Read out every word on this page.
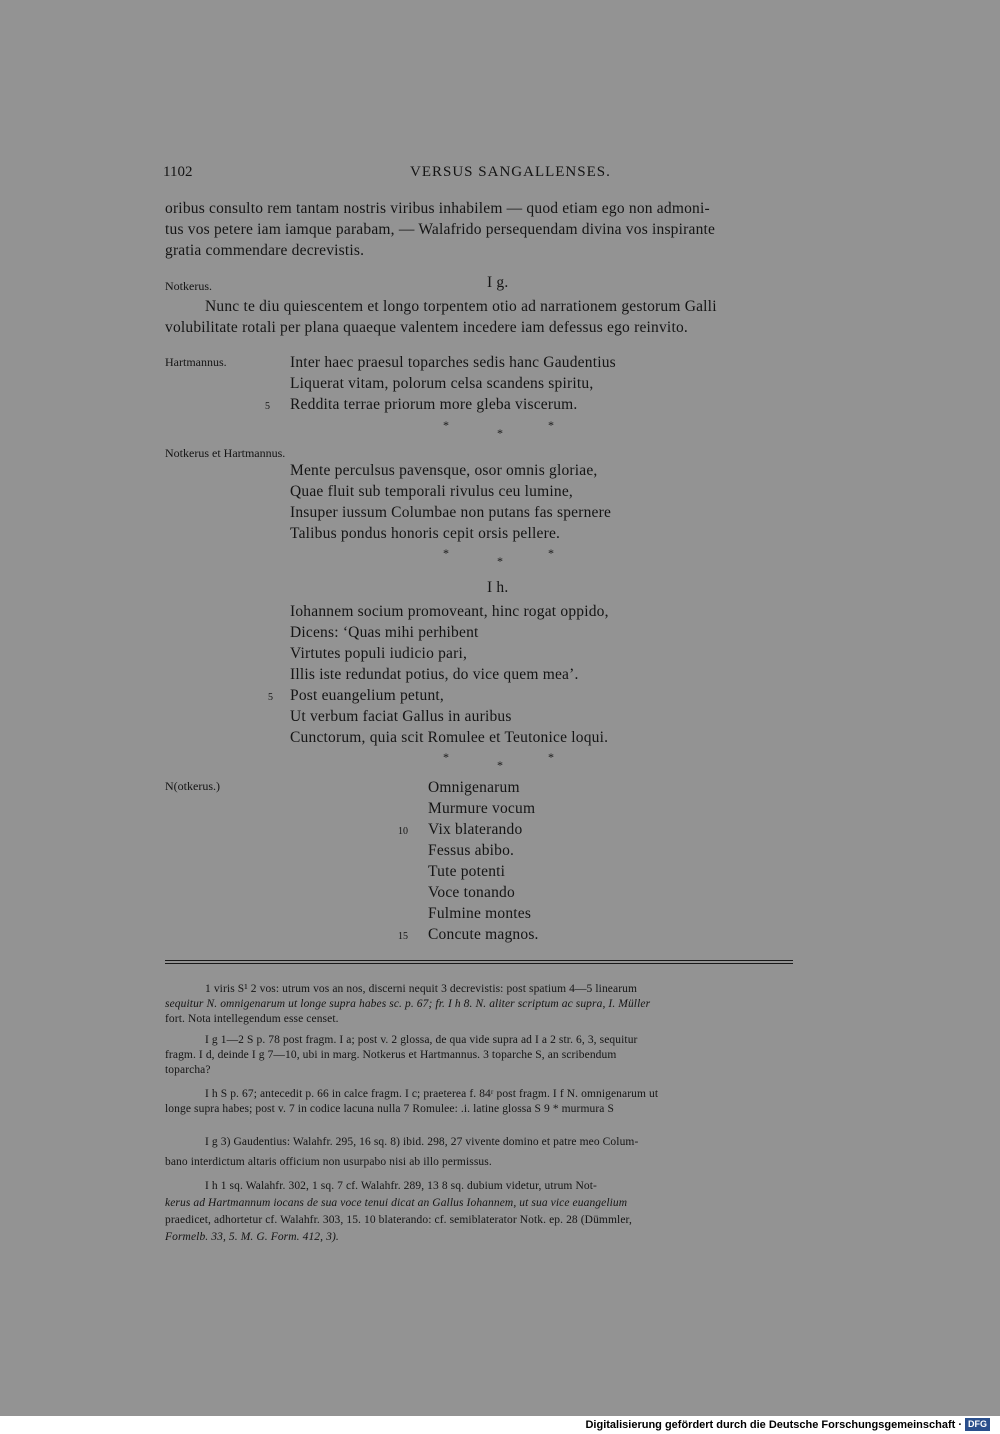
1102	VERSUS SANGALLENSES.
oribus consulto rem tantam nostris viribus inhabilem — quod etiam ego non admoni-
tus vos petere iam iamque parabam, — Walafrido persequendam divina vos inspirante
gratia commendare decrevistis.
Notkerus.	I g.
Nunc te diu quiescentem et longo torpentem otio ad narrationem gestorum Galli
volubilitate rotali per plana quaeque valentem incedere iam defessus ego reinvito.
Hartmannus.	Inter haec praesul toparches sedis hanc Gaudentius
Liquerat vitam, polorum celsa scandens spiritu,
5 Reddita terrae priorum more gleba viscerum.
*
*
*
Notkerus et Hartmannus.
Mente perculsus pavensque, osor omnis gloriae,
Quae fluit sub temporali rivulus ceu lumine,
Insuper iussum Columbae non putans fas spernere
Talibus pondus honoris cepit orsis pellere.
*
*
*
I h.
Iohannem socium promoveant, hinc rogat oppido,
Dicens: ‘Quas mihi perhibent
Virtutes populi iudicio pari,
Illis iste redundat potius, do vice quem mea’.
5 Post euangelium petunt,
Ut verbum faciat Gallus in auribus
Cunctorum, quia scit Romulee et Teutonice loqui.
*
*
*
N(otkerus.)	Omnigenarum
Murmure vocum
10 Vix blaterando
Fessus abibo.
Tute potenti
Voce tonando
Fulmine montes
15 Concute magnos.
1 viris S¹ 2 vos: utrum vos an nos, discerni nequit 3 decrevistis: post spatium 4—5 linearum
sequitur N. omnigenarum ut longe supra habes sc. p. 67; fr. I h 8. N. aliter scriptum ac supra, I. Müller
fort. Nota intellegendum esse censet.
I g 1—2 S p. 78 post fragm. I a; post v. 2 glossa, de qua vide supra ad I a 2 str. 6, 3, sequitur
fragm. I d, deinde I g 7—10, ubi in marg. Notkerus et Hartmannus. 3 toparche S, an scribendum
toparcha?
I h S p. 67; antecedit p. 66 in calce fragm. I c; praeterea f. 84ʳ post fragm. I f N. omnigenarum ut
longe supra habes; post v. 7 in codice lacuna nulla 7 Romulee: .i. latine glossa S 9 * murmura S
I g 3) Gaudentius: Walahfr. 295, 16 sq. 8) ibid. 298, 27 vivente domino et patre meo Colum-
bano interdictum altaris officium non usurpabo nisi ab illo permissus.
I h 1 sq. Walahfr. 302, 1 sq. 7 cf. Walahfr. 289, 13 8 sq. dubium videtur, utrum Not-
kerus ad Hartmannum iocans de sua voce tenui dicat an Gallus Iohannem, ut sua vice euangelium
praedicet, adhortetur cf. Walahfr. 303, 15. 10 blaterando: cf. semiblaterator Notk. ep. 28 (Dümmler,
Formelb. 33, 5. M. G. Form. 412, 3).
Digitalisierung gefördert durch die Deutsche Forschungsgemeinschaft · DFG
